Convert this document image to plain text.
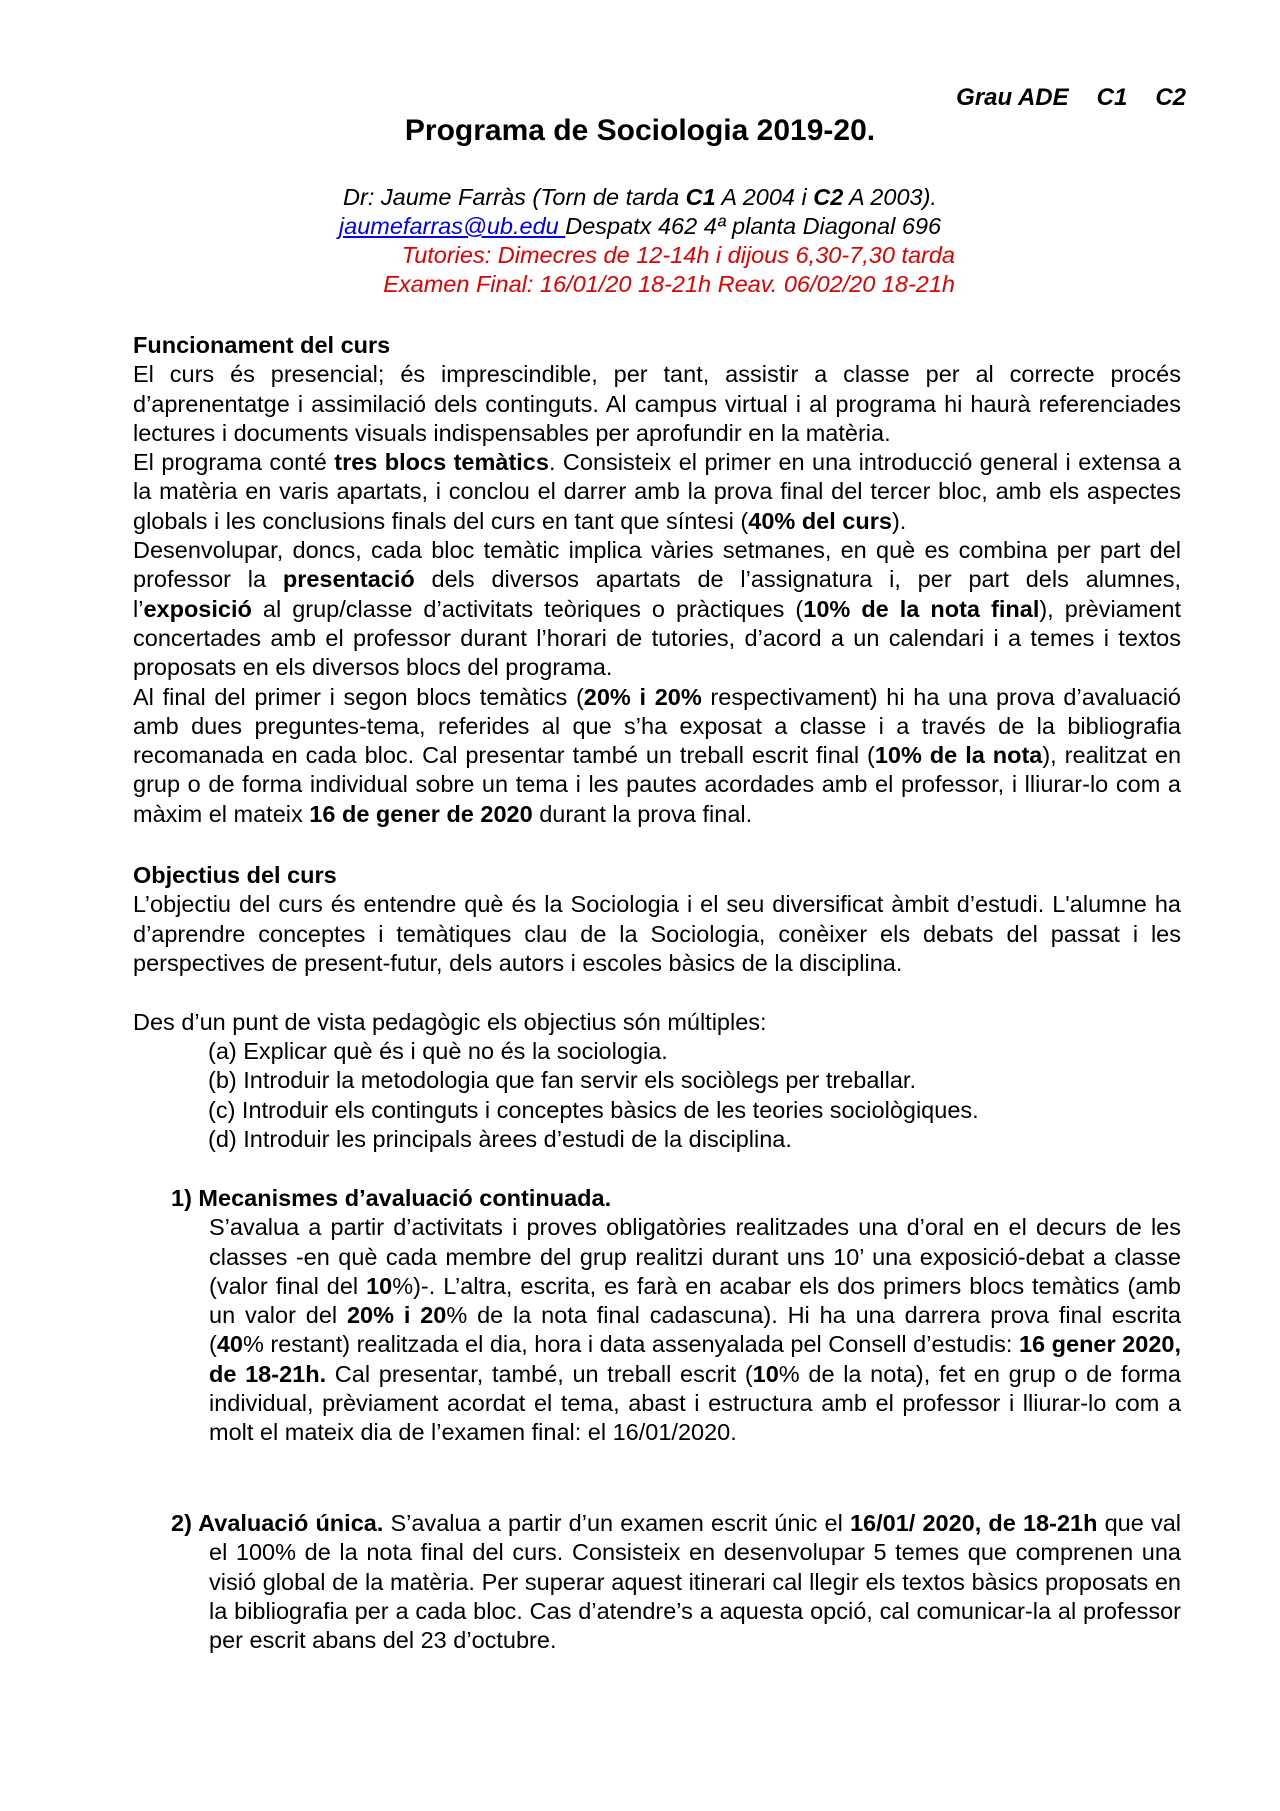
Grau ADE C1 C2
Programa de Sociologia 2019-20.
Dr: Jaume Farràs (Torn de tarda C1 A 2004 i C2 A 2003).
jaumefarras@ub.edu Despatx 462 4ª planta Diagonal 696
Tutories: Dimecres de 12-14h i dijous 6,30-7,30 tarda
Examen Final: 16/01/20 18-21h Reav. 06/02/20 18-21h
Funcionament del curs

El curs és presencial; és imprescindible, per tant, assistir a classe per al correcte procés d’aprenentatge i assimilació dels continguts. Al campus virtual i al programa hi haurà referenciades lectures i documents visuals indispensables per aprofundir en la matèria.

El programa conté tres blocs temàtics. Consisteix el primer en una introducció general i extensa a la matèria en varis apartats, i conclou el darrer amb la prova final del tercer bloc, amb els aspectes globals i les conclusions finals del curs en tant que síntesi (40% del curs).

Desenvolupar, doncs, cada bloc temàtic implica vàries setmanes, en què es combina per part del professor la presentació dels diversos apartats de l’assignatura i, per part dels alumnes, l’exposició al grup/classe d’activitats teòriques o pràctiques (10% de la nota final), prèviament concertades amb el professor durant l’horari de tutories, d’acord a un calendari i a temes i textos proposats en els diversos blocs del programa.

Al final del primer i segon blocs temàtics (20% i 20% respectivament) hi ha una prova d’avaluació amb dues preguntes-tema, referides al que s’ha exposat a classe i a través de la bibliografia recomanada en cada bloc. Cal presentar també un treball escrit final (10% de la nota), realitzat en grup o de forma individual sobre un tema i les pautes acordades amb el professor, i lliurar-lo com a màxim el mateix 16 de gener de 2020 durant la prova final.

Objectius del curs

L’objectiu del curs és entendre què és la Sociologia i el seu diversificat àmbit d’estudi. L'alumne ha d’aprendre conceptes i temàtiques clau de la Sociologia, conèixer els debats del passat i les perspectives de present-futur, dels autors i escoles bàsics de la disciplina.

Des d’un punt de vista pedagògic els objectius són múltiples:

(a) Explicar què és i què no és la sociologia.
(b) Introduir la metodologia que fan servir els sociòlegs per treballar.
(c) Introduir els continguts i conceptes bàsics de les teories sociològiques.
(d) Introduir les principals àrees d’estudi de la disciplina.
1) Mecanismes d’avaluació continuada.

S’avalua a partir d’activitats i proves obligatòries realitzades una d’oral en el decurs de les classes -en què cada membre del grup realitzi durant uns 10’ una exposició-debat a classe (valor final del 10%)-. L’altra, escrita, es farà en acabar els dos primers blocs temàtics (amb un valor del 20% i 20% de la nota final cadascuna). Hi ha una darrera prova final escrita (40% restant) realitzada el dia, hora i data assenyalada pel Consell d’estudis: 16 gener 2020, de 18-21h. Cal presentar, també, un treball escrit (10% de la nota), fet en grup o de forma individual, prèviament acordat el tema, abast i estructura amb el professor i lliurar-lo com a molt el mateix dia de l’examen final: el 16/01/2020.

2) Avaluació única. S’avalua a partir d’un examen escrit únic el 16/01/ 2020, de 18-21h que val el 100% de la nota final del curs. Consisteix en desenvolupar 5 temes que comprenen una visió global de la matèria. Per superar aquest itinerari cal llegir els textos bàsics proposats en la bibliografia per a cada bloc. Cas d’atendre’s a aquesta opció, cal comunicar-la al professor per escrit abans del 23 d’octubre.
